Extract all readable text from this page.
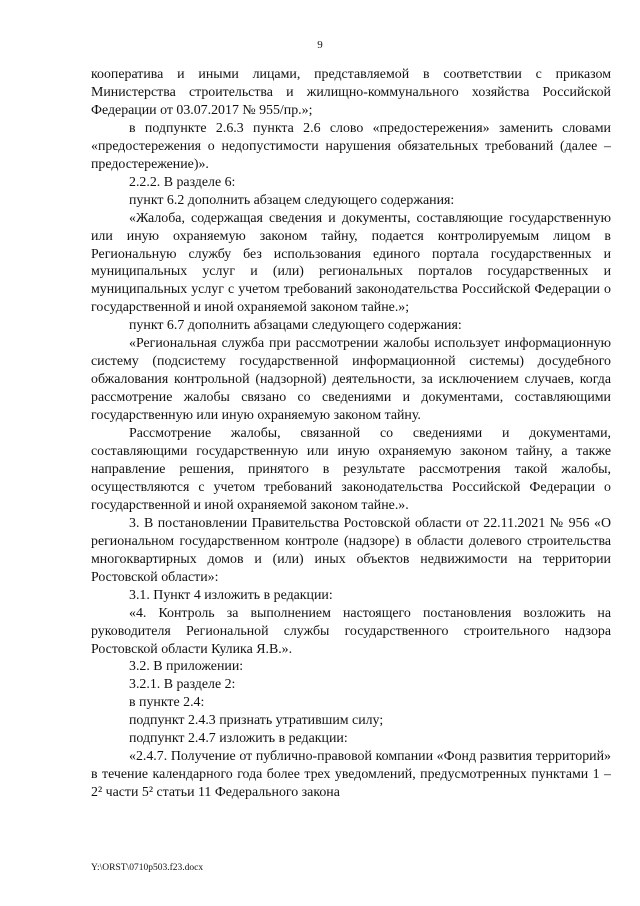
9

кооператива и иными лицами, представляемой в соответствии с приказом Министерства строительства и жилищно-коммунального хозяйства Российской Федерации от 03.07.2017 № 955/пр.»;

в подпункте 2.6.3 пункта 2.6 слово «предостережения» заменить словами «предостережения о недопустимости нарушения обязательных требований (далее – предостережение)».

2.2.2. В разделе 6:

пункт 6.2 дополнить абзацем следующего содержания:

«Жалоба, содержащая сведения и документы, составляющие государственную или иную охраняемую законом тайну, подается контролируемым лицом в Региональную службу без использования единого портала государственных и муниципальных услуг и (или) региональных порталов государственных и муниципальных услуг с учетом требований законодательства Российской Федерации о государственной и иной охраняемой законом тайне.»;

пункт 6.7 дополнить абзацами следующего содержания:

«Региональная служба при рассмотрении жалобы использует информационную систему (подсистему государственной информационной системы) досудебного обжалования контрольной (надзорной) деятельности, за исключением случаев, когда рассмотрение жалобы связано со сведениями и документами, составляющими государственную или иную охраняемую законом тайну.

Рассмотрение жалобы, связанной со сведениями и документами, составляющими государственную или иную охраняемую законом тайну, а также направление решения, принятого в результате рассмотрения такой жалобы, осуществляются с учетом требований законодательства Российской Федерации о государственной и иной охраняемой законом тайне.».

3. В постановлении Правительства Ростовской области от 22.11.2021 № 956 «О региональном государственном контроле (надзоре) в области долевого строительства многоквартирных домов и (или) иных объектов недвижимости на территории Ростовской области»:

3.1. Пункт 4 изложить в редакции:

«4. Контроль за выполнением настоящего постановления возложить на руководителя Региональной службы государственного строительного надзора Ростовской области Кулика Я.В.».

3.2. В приложении:

3.2.1. В разделе 2:

в пункте 2.4:

подпункт 2.4.3 признать утратившим силу;

подпункт 2.4.7 изложить в редакции:

«2.4.7. Получение от публично-правовой компании «Фонд развития территорий» в течение календарного года более трех уведомлений, предусмотренных пунктами 1 – 2² части 5² статьи 11 Федерального закона

Y:\ORST\0710p503.f23.docx
